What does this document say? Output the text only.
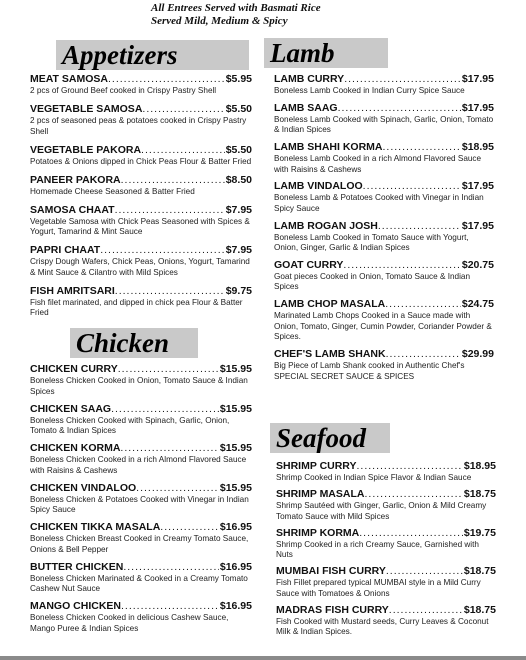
All Entrees Served with Basmati Rice
Served Mild, Medium & Spicy
Appetizers
MEAT SAMOSA .....	$5.95
2 pcs of Ground Beef cooked in Crispy Pastry Shell
VEGETABLE SAMOSA .....	$5.50
2 pcs of seasoned peas & potatoes cooked in Crispy Pastry Shell
VEGETABLE PAKORA .....	$5.50
Potatoes & Onions dipped in Chick Peas Flour & Batter Fried
PANEER PAKORA .....	$8.50
Homemade Cheese Seasoned & Batter Fried
SAMOSA CHAAT .....	$7.95
Vegetable Samosa with Chick Peas Seasoned with Spices & Yogurt, Tamarind & Mint Sauce
PAPRI CHAAT .....	$7.95
Crispy Dough Wafers, Chick Peas, Onions, Yogurt, Tamarind & Mint Sauce & Cilantro with Mild Spices
FISH AMRITSARI .....	$9.75
Fish filet marinated, and dipped in chick pea Flour & Batter Fried
Chicken
CHICKEN CURRY .....	$15.95
Boneless Chicken Cooked in Onion, Tomato Sauce & Indian Spices
CHICKEN SAAG .....	$15.95
Boneless Chicken Cooked with Spinach, Garlic, Onion, Tomato & Indian Spices
CHICKEN KORMA .....	$15.95
Boneless Chicken Cooked in a rich Almond Flavored Sauce with Raisins & Cashews
CHICKEN VINDALOO .....	$15.95
Boneless Chicken & Potatoes Cooked with Vinegar in Indian Spicy Sauce
CHICKEN TIKKA MASALA .....	$16.95
Boneless Chicken Breast Cooked in Creamy Tomato Sauce, Onions & Bell Pepper
BUTTER CHICKEN .....	$16.95
Boneless Chicken Marinated & Cooked in a Creamy Tomato Cashew Nut Sauce
MANGO CHICKEN .....	$16.95
Boneless Chicken Cooked in delicious Cashew Sauce, Mango Puree & Indian Spices
Lamb
LAMB CURRY .....	$17.95
Boneless Lamb Cooked in Indian Curry Spice Sauce
LAMB SAAG .....	$17.95
Boneless Lamb Cooked with Spinach, Garlic, Onion, Tomato & Indian Spices
LAMB SHAHI KORMA .....	$18.95
Boneless Lamb Cooked in a rich Almond Flavored Sauce with Raisins & Cashews
LAMB VINDALOO .....	$17.95
Boneless Lamb & Potatoes Cooked with Vinegar in Indian Spicy Sauce
LAMB ROGAN JOSH .....	$17.95
Boneless Lamb Cooked in Tomato Sauce with Yogurt, Onion, Ginger, Garlic & Indian Spices
GOAT CURRY .....	$20.75
Goat pieces Cooked in Onion, Tomato Sauce & Indian Spices
LAMB CHOP MASALA .....	$24.75
Marinated Lamb Chops Cooked in a Sauce made with Onion, Tomato, Ginger, Cumin Powder, Coriander Powder & Spices.
CHEF'S LAMB SHANK .....	$29.99
Big Piece of Lamb Shank cooked in Authentic Chef's SPECIAL SECRET SAUCE & SPICES
Seafood
SHRIMP CURRY .....	$18.95
Shrimp Cooked in Indian Spice Flavor & Indian Sauce
SHRIMP MASALA .....	$18.75
Shrimp Sautéed with Ginger, Garlic, Onion & Mild Creamy Tomato Sauce with Mild Spices
SHRIMP KORMA .....	$19.75
Shrimp Cooked in a rich Creamy Sauce, Garnished with Nuts
MUMBAI FISH CURRY .....	$18.75
Fish Fillet prepared typical MUMBAI style in a Mild Curry Sauce with Tomatoes & Onions
MADRAS FISH CURRY .....	$18.75
Fish Cooked with Mustard seeds, Curry Leaves & Coconut Milk & Indian Spices.
